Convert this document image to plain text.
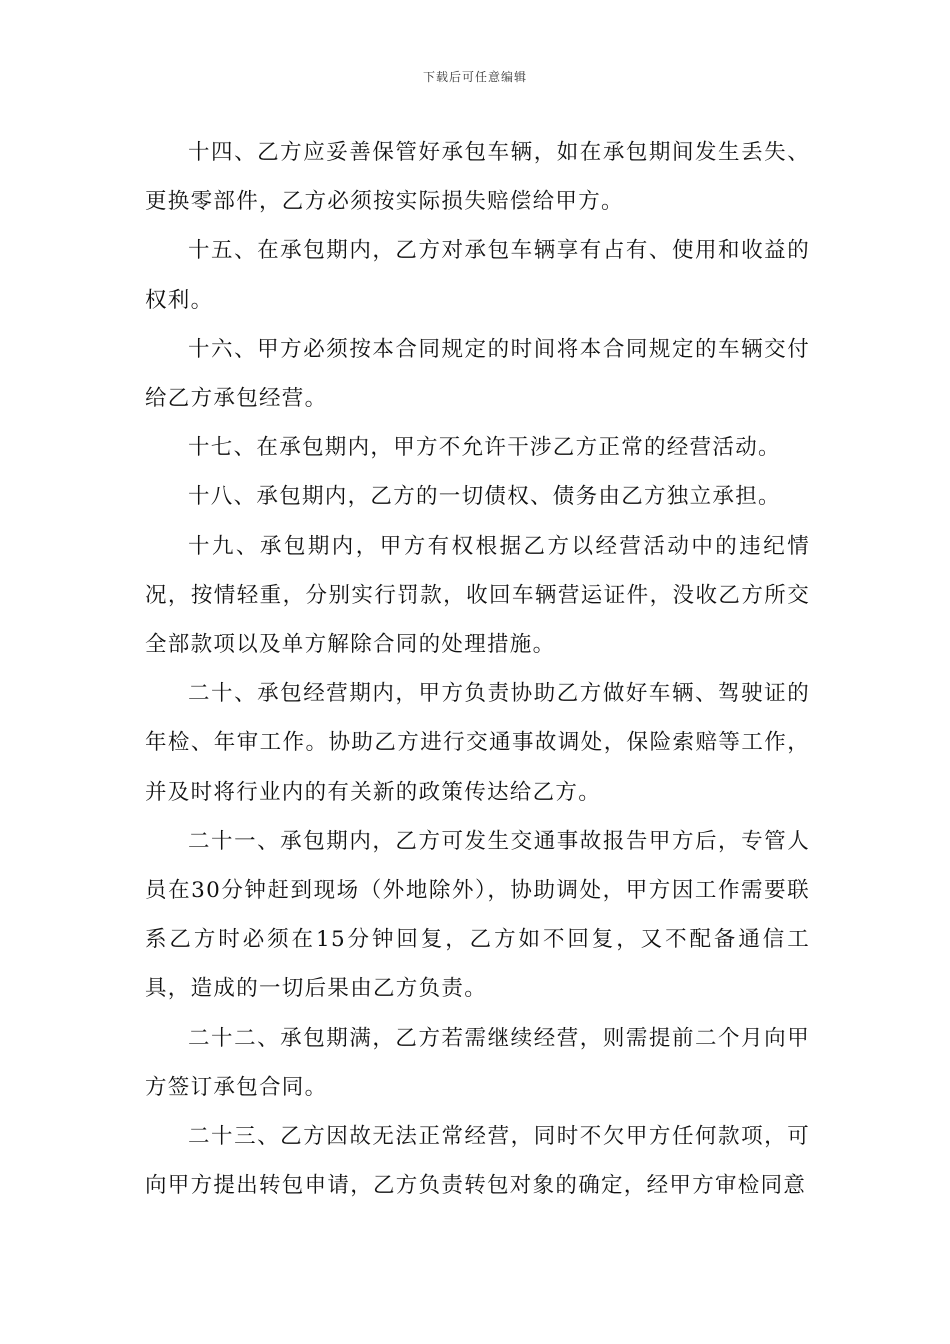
下载后可任意编辑

十四、乙方应妥善保管好承包车辆，如在承包期间发生丢失、更换零部件，乙方必须按实际损失赔偿给甲方。

十五、在承包期内，乙方对承包车辆享有占有、使用和收益的权利。

十六、甲方必须按本合同规定的时间将本合同规定的车辆交付给乙方承包经营。

十七、在承包期内，甲方不允许干涉乙方正常的经营活动。

十八、承包期内，乙方的一切债权、债务由乙方独立承担。

十九、承包期内，甲方有权根据乙方以经营活动中的违纪情况，按情轻重，分别实行罚款，收回车辆营运证件，没收乙方所交全部款项以及单方解除合同的处理措施。

二十、承包经营期内，甲方负责协助乙方做好车辆、驾驶证的年检、年审工作。协助乙方进行交通事故调处，保险索赔等工作，并及时将行业内的有关新的政策传达给乙方。

二十一、承包期内，乙方可发生交通事故报告甲方后，专管人员在30分钟赶到现场（外地除外），协助调处，甲方因工作需要联系乙方时必须在15分钟回复，乙方如不回复，又不配备通信工具，造成的一切后果由乙方负责。

二十二、承包期满，乙方若需继续经营，则需提前二个月向甲方签订承包合同。

二十三、乙方因故无法正常经营，同时不欠甲方任何款项，可向甲方提出转包申请，乙方负责转包对象的确定，经甲方审检同意
